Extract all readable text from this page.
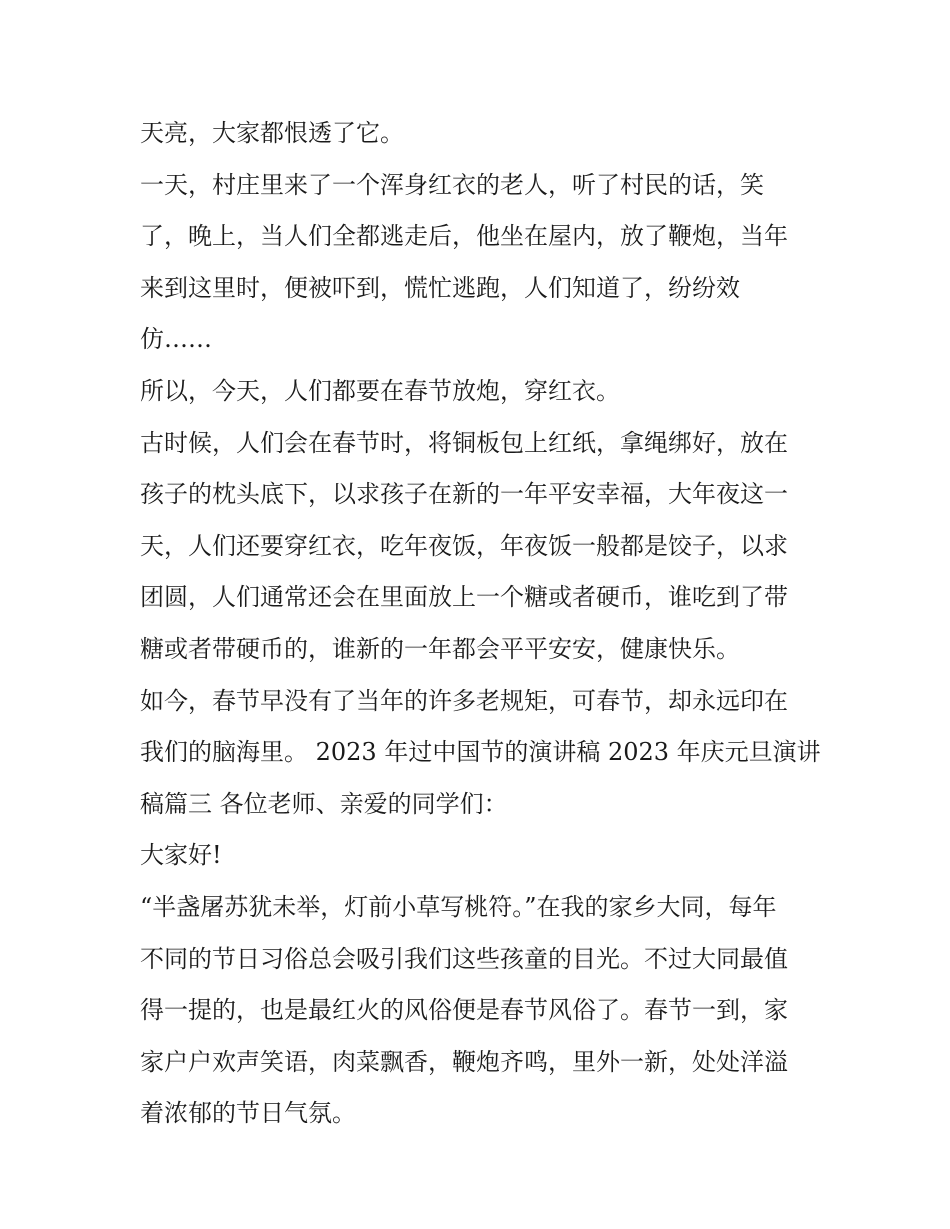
天亮，大家都恨透了它。
一天，村庄里来了一个浑身红衣的老人，听了村民的话，笑
了，晚上，当人们全都逃走后，他坐在屋内，放了鞭炮，当年
来到这里时，便被吓到，慌忙逃跑，人们知道了，纷纷效
仿……
所以，今天，人们都要在春节放炮，穿红衣。
古时候，人们会在春节时，将铜板包上红纸，拿绳绑好，放在
孩子的枕头底下，以求孩子在新的一年平安幸福，大年夜这一
天，人们还要穿红衣，吃年夜饭，年夜饭一般都是饺子，以求
团圆，人们通常还会在里面放上一个糖或者硬币，谁吃到了带
糖或者带硬币的，谁新的一年都会平平安安，健康快乐。
如今，春节早没有了当年的许多老规矩，可春节，却永远印在
我们的脑海里。 2023 年过中国节的演讲稿 2023 年庆元旦演讲
稿篇三 各位老师、亲爱的同学们：
大家好!
“半盏屠苏犹未举，灯前小草写桃符。”在我的家乡大同，每年
不同的节日习俗总会吸引我们这些孩童的目光。不过大同最值
得一提的，也是最红火的风俗便是春节风俗了。春节一到，家
家户户欢声笑语，肉菜飘香，鞭炮齐鸣，里外一新，处处洋溢
着浓郁的节日气氛。
